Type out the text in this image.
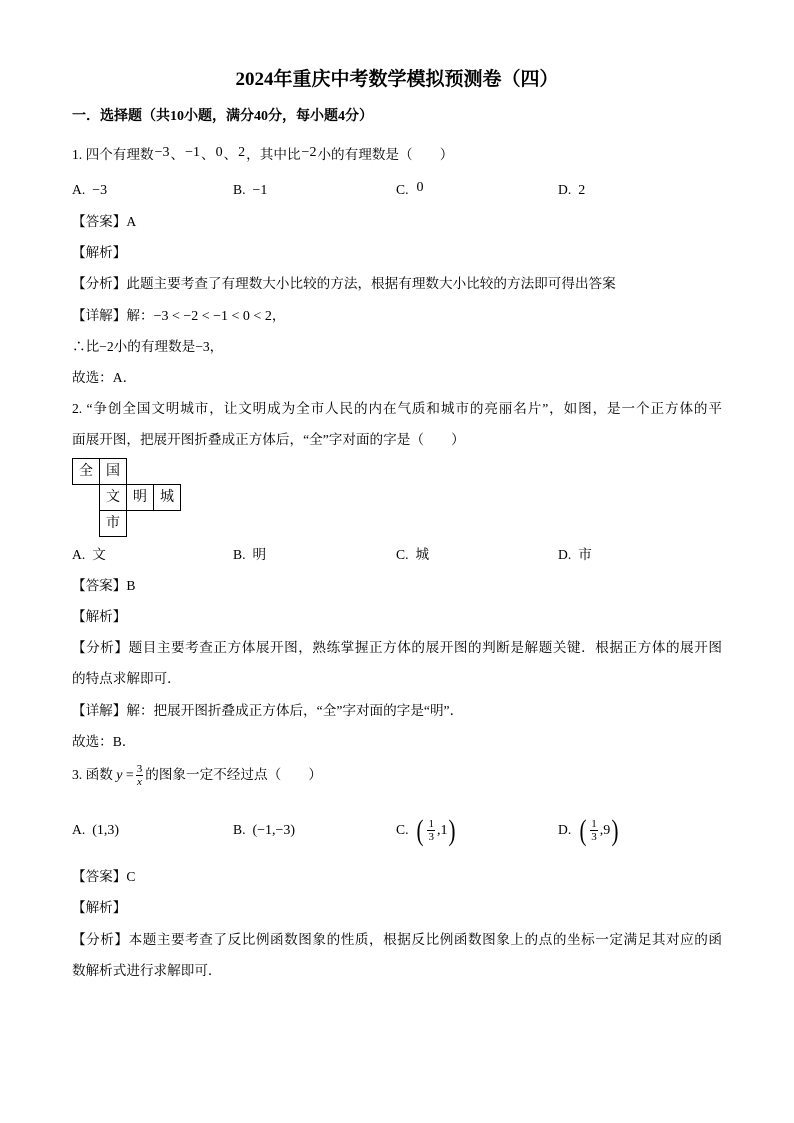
2024年重庆中考数学模拟预测卷（四）
一．选择题（共10小题，满分40分，每小题4分）
1. 四个有理数−3、−1、0、2，其中比−2小的有理数是（　　）
A. −3	B. −1	C. 0	D. 2
【答案】A
【解析】
【分析】此题主要考查了有理数大小比较的方法，根据有理数大小比较的方法即可得出答案
【详解】解：−3 < −2 < −1 < 0 < 2，
∴比−2小的有理数是−3，
故选：A．
2. “争创全国文明城市，让文明成为全市人民的内在气质和城市的亮丽名片”，如图，是一个正方体的平
面展开图，把展开图折叠成正方体后，“全”字对面的字是（　　）
全 国
文 明 城
市
A. 文	B. 明	C. 城	D. 市
【答案】B
【解析】
【分析】题目主要考查正方体展开图，熟练掌握正方体的展开图的判断是解题关键．根据正方体的展开图
的特点求解即可．
【详解】解：把展开图折叠成正方体后，“全”字对面的字是“明”．
故选：B．
3. 函数 $y = \frac{3}{x}$ 的图象一定不经过点（　　）
A. (1,3)	B. (−1,−3)	C. ( $\frac{1}{3} ,1$)	D. ( $\frac{1}{3} ,9$)
【答案】C
【解析】
【分析】本题主要考查了反比例函数图象的性质，根据反比例函数图象上的点的坐标一定满足其对应的函
数解析式进行求解即可．
